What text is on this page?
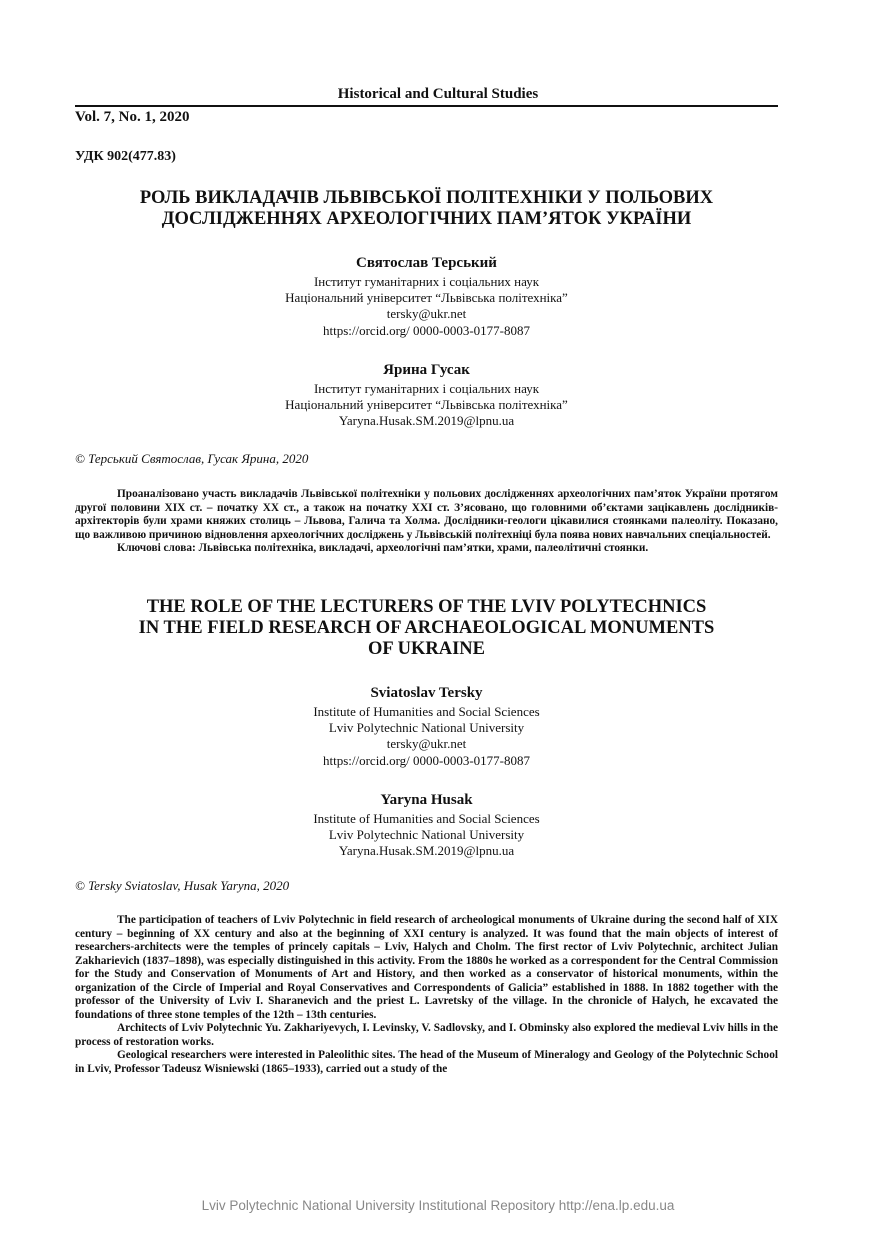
Historical and Cultural Studies
Vol. 7, No. 1, 2020
УДК 902(477.83)
РОЛЬ ВИКЛАДАЧІВ ЛЬВІВСЬКОЇ ПОЛІТЕХНІКИ У ПОЛЬОВИХ
ДОСЛІДЖЕННЯХ АРХЕОЛОГІЧНИХ ПАМ’ЯТОК УКРАЇНИ
Святослав Терський
Інститут гуманітарних і соціальних наук
Національний університет “Львівська політехніка”
tersky@ukr.net
https://orcid.org/ 0000-0003-0177-8087
Ярина Гусак
Інститут гуманітарних і соціальних наук
Національний університет “Львівська політехніка”
Yaryna.Husak.SM.2019@lpnu.ua
© Терський Святослав, Гусак Ярина, 2020

Проаналізовано участь викладачів Львівської політехніки у польових дослідженнях археологічних пам’яток України протягом другої половини XIX ст. – початку XX ст., а також на початку XXI ст. З’ясовано, що головними об’єктами зацікавлень дослідників-архітекторів були храми княжих столиць – Львова, Галича та Холма. Дослідники-геологи цікавилися стоянками палеоліту. Показано, що важливою причиною відновлення археологічних досліджень у Львівській політехніці була поява нових навчальних спеціальностей.

Ключові слова: Львівська політехніка, викладачі, археологічні пам’ятки, храми, палеолітичні стоянки.

THE ROLE OF THE LECTURERS OF THE LVIV POLYTECHNICS
IN THE FIELD RESEARCH OF ARCHAEOLOGICAL MONUMENTS
OF UKRAINE
Sviatoslav Tersky
Institute of Humanities and Social Sciences
Lviv Polytechnic National University
tersky@ukr.net
https://orcid.org/ 0000-0003-0177-8087
Yaryna Husak
Institute of Humanities and Social Sciences
Lviv Polytechnic National University
Yaryna.Husak.SM.2019@lpnu.ua
© Tersky Sviatoslav, Husak Yaryna, 2020

The participation of teachers of Lviv Polytechnic in field research of archeological monuments of Ukraine during the second half of XIX century – beginning of XX century and also at the beginning of XXI century is analyzed. It was found that the main objects of interest of researchers-architects were the temples of princely capitals – Lviv, Halych and Cholm. The first rector of Lviv Polytechnic, architect Julian Zakharievich (1837–1898), was especially distinguished in this activity. From the 1880s he worked as a correspondent for the Central Commission for the Study and Conservation of Monuments of Art and History, and then worked as a conservator of historical monuments, within the organization of the Circle of Imperial and Royal Conservatives and Correspondents of Galicia” established in 1888. In 1882 together with the professor of the University of Lviv I. Sharanevich and the priest L. Lavretsky of the village. In the chronicle of Halych, he excavated the foundations of three stone temples of the 12th – 13th centuries.

Architects of Lviv Polytechnic Yu. Zakhariyevych, I. Levinsky, V. Sadlovsky, and I. Obminsky also explored the medieval Lviv hills in the process of restoration works.

Geological researchers were interested in Paleolithic sites. The head of the Museum of Mineralogy and Geology of the Polytechnic School in Lviv, Professor Tadeusz Wisniewski (1865–1933), carried out a study of the

Lviv Polytechnic National University Institutional Repository http://ena.lp.edu.ua
